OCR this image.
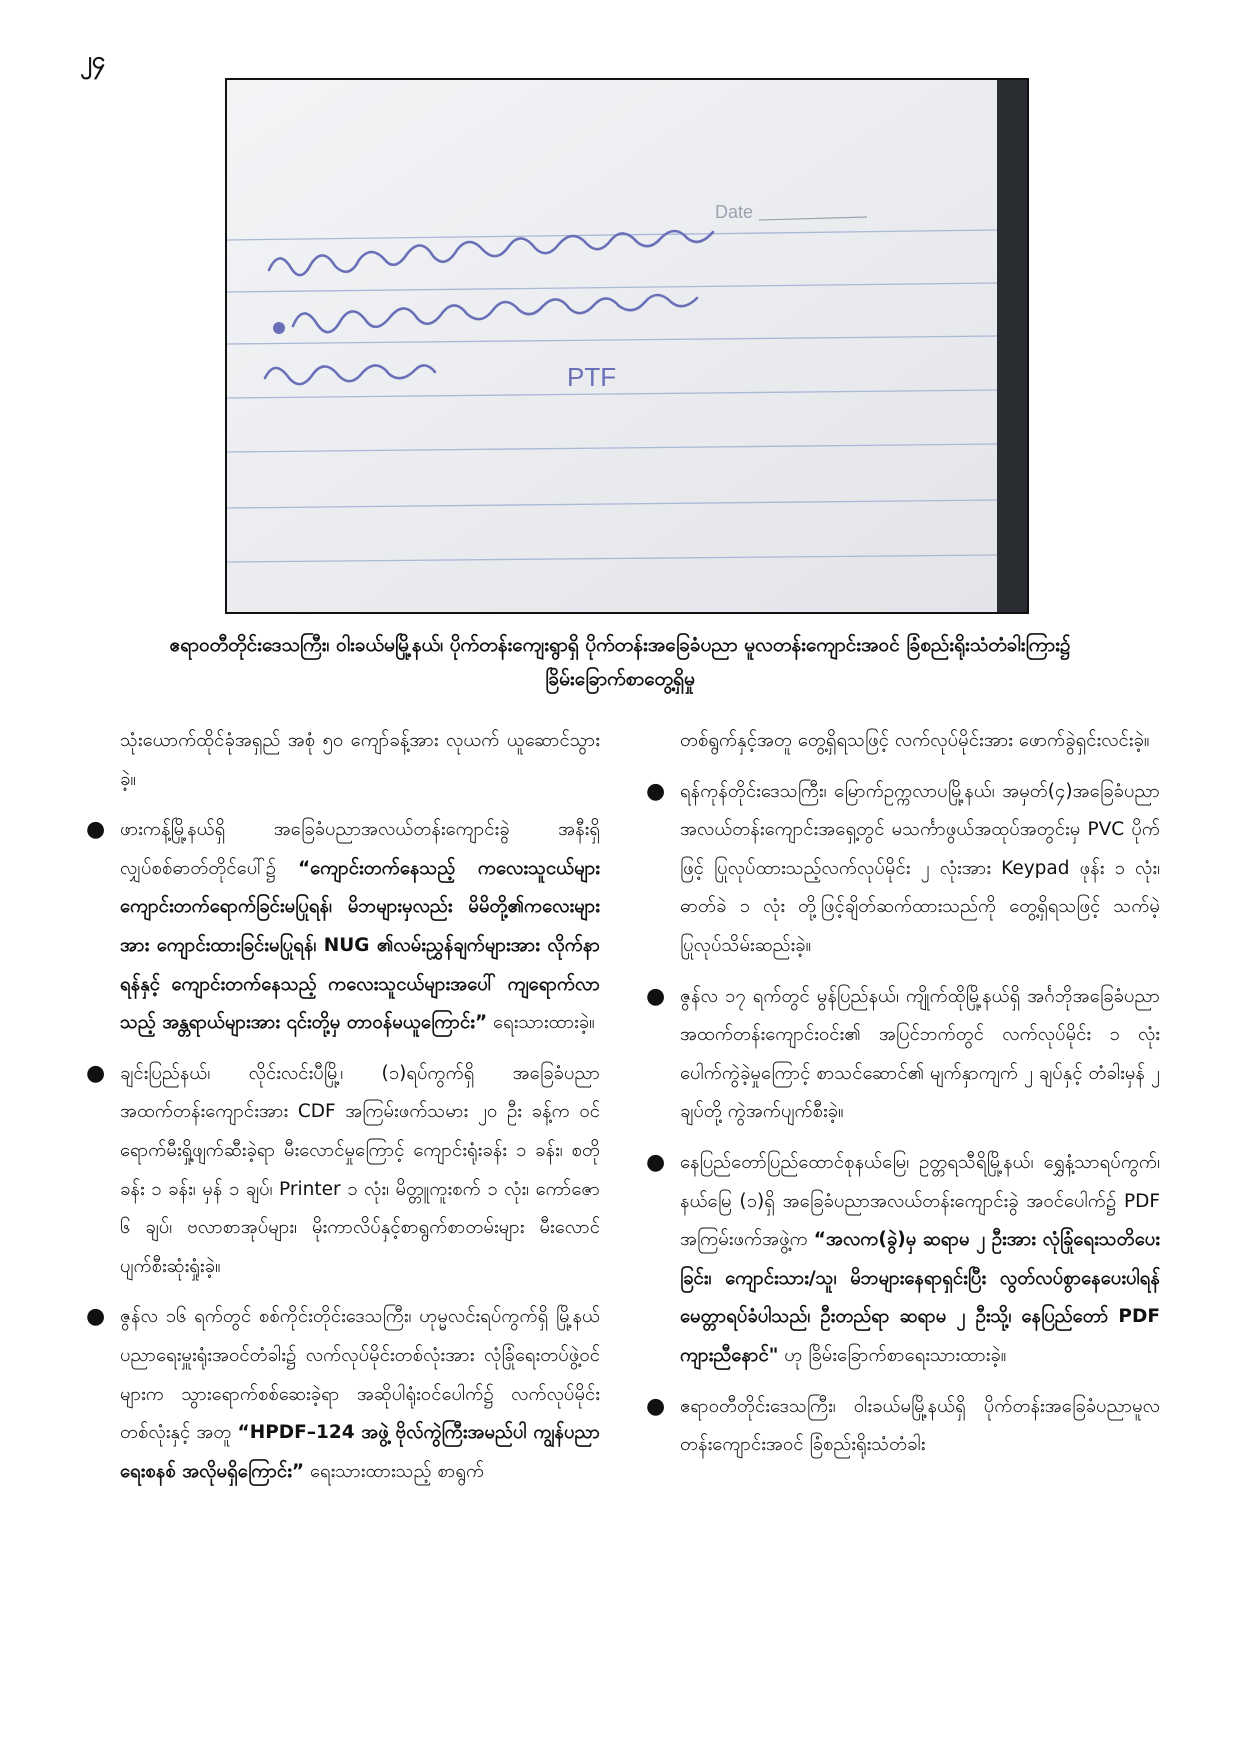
၂၄
Date
PTF

ဧရာဝတီတိုင်းဒေသကြီး၊ ဝါးခယ်မမြို့နယ်၊ ပိုက်တန်းကျေးရွာရှိ ပိုက်တန်းအခြေခံပညာ မူလတန်းကျောင်းအဝင် ခြံစည်းရိုးသံတံခါးကြား၌

ခြိမ်းခြောက်စာတွေ့ရှိမှု

သုံးယောက်ထိုင်ခုံအရှည် အစုံ ၅၀ ကျော်ခန့်အား လုယက် ယူဆောင်သွားခဲ့။

● ဖားကန့်မြို့နယ်ရှိ အခြေခံပညာအလယ်တန်းကျောင်းခွဲ အနီးရှိ လျှပ်စစ်ဓာတ်တိုင်ပေါ်၌ “ကျောင်းတက်နေသည့် ကလေးသူငယ်များ ကျောင်းတက်ရောက်ခြင်းမပြုရန်၊ မိဘများမှလည်း မိမိတို့၏ကလေးများအား ကျောင်းထားခြင်းမပြုရန်၊ NUG ၏လမ်းညွှန်ချက်များအား လိုက်နာရန်နှင့် ကျောင်းတက်နေသည့် ကလေးသူငယ်များအပေါ် ကျရောက်လာသည့် အန္တရာယ်များအား ၎င်းတို့မှ တာဝန်မယူကြောင်း” ရေးသားထားခဲ့။
● ချင်းပြည်နယ်၊ လိုင်းလင်းပီမြို့၊ (၁)ရပ်ကွက်ရှိ အခြေခံပညာ အထက်တန်းကျောင်းအား CDF အကြမ်းဖက်သမား ၂၀ ဦး ခန့်က ဝင်ရောက်မီးရှို့ဖျက်ဆီးခဲ့ရာ မီးလောင်မှုကြောင့် ကျောင်းရုံးခန်း ၁ ခန်း၊ စတိုခန်း ၁ ခန်း၊ မှန် ၁ ချပ်၊ Printer ၁ လုံး၊ မိတ္တူကူးစက် ၁ လုံး၊ ကော်ဇော ၆ ချပ်၊ ဗလာစာအုပ်များ၊ မိုးကာလိပ်နှင့်စာရွက်စာတမ်းများ မီးလောင်ပျက်စီးဆုံးရှုံးခဲ့။
● ဇွန်လ ၁၆ ရက်တွင် စစ်ကိုင်းတိုင်းဒေသကြီး၊ ဟုမ္မလင်းရပ်ကွက်ရှိ မြို့နယ်ပညာရေးမှူးရုံးအဝင်တံခါး၌ လက်လုပ်မိုင်းတစ်လုံးအား လုံခြုံရေးတပ်ဖွဲ့ဝင်များက သွားရောက်စစ်ဆေးခဲ့ရာ အဆိုပါရုံးဝင်ပေါက်၌ လက်လုပ်မိုင်းတစ်လုံးနှင့် အတူ “HPDF–124 အဖွဲ့ ဗိုလ်ကွဲကြီးအမည်ပါ ကျွန်ပညာရေးစနစ် အလိုမရှိကြောင်း” ရေးသားထားသည့် စာရွက်

တစ်ရွက်နှင့်အတူ တွေ့ရှိရသဖြင့် လက်လုပ်မိုင်းအား ဖောက်ခွဲရှင်းလင်းခဲ့။

● ရန်ကုန်တိုင်းဒေသကြီး၊ မြောက်ဥက္ကလာပမြို့နယ်၊ အမှတ်(၄)အခြေခံပညာအလယ်တန်းကျောင်းအရှေ့တွင် မသင်္ကာဖွယ်အထုပ်အတွင်းမှ PVC ပိုက်ဖြင့် ပြုလုပ်ထားသည့်လက်လုပ်မိုင်း ၂ လုံးအား Keypad ဖုန်း ၁ လုံး၊ ဓာတ်ခဲ ၁ လုံး တို့ဖြင့်ချိတ်ဆက်ထားသည်ကို တွေ့ရှိရသဖြင့် သက်မဲ့ပြုလုပ်သိမ်းဆည်းခဲ့။
● ဇွန်လ ၁၇ ရက်တွင် မွန်ပြည်နယ်၊ ကျိုက်ထိုမြို့နယ်ရှိ အင်္ဂဘိုအခြေခံပညာအထက်တန်းကျောင်းဝင်း၏ အပြင်ဘက်တွင် လက်လုပ်မိုင်း ၁ လုံး ပေါက်ကွဲခဲ့မှုကြောင့် စာသင်ဆောင်၏ မျက်နှာကျက် ၂ ချပ်နှင့် တံခါးမှန် ၂ ချပ်တို့ ကွဲအက်ပျက်စီးခဲ့။
● နေပြည်တော်ပြည်ထောင်စုနယ်မြေ၊ ဥတ္တရသီရိမြို့နယ်၊ ရွှေနံ့သာရပ်ကွက်၊ နယ်မြေ (၁)ရှိ အခြေခံပညာအလယ်တန်းကျောင်းခွဲ အဝင်ပေါက်၌ PDF အကြမ်းဖက်အဖွဲ့က “အလက(ခွဲ)မှ ဆရာမ ၂ ဦးအား လုံခြုံရေးသတိပေးခြင်း၊ ကျောင်းသား/သူ၊ မိဘများနေရာရှင်းပြီး လွတ်လပ်စွာနေပေးပါရန် မေတ္တာရပ်ခံပါသည်၊ ဦးတည်ရာ ဆရာမ ၂ ဦးသို့၊ နေပြည်တော် PDF ကျားညီနောင်" ဟု ခြိမ်းခြောက်စာရေးသားထားခဲ့။
● ဧရာဝတီတိုင်းဒေသကြီး၊ ဝါးခယ်မမြို့နယ်ရှိ ပိုက်တန်းအခြေခံပညာမူလတန်းကျောင်းအဝင် ခြံစည်းရိုးသံတံခါး
